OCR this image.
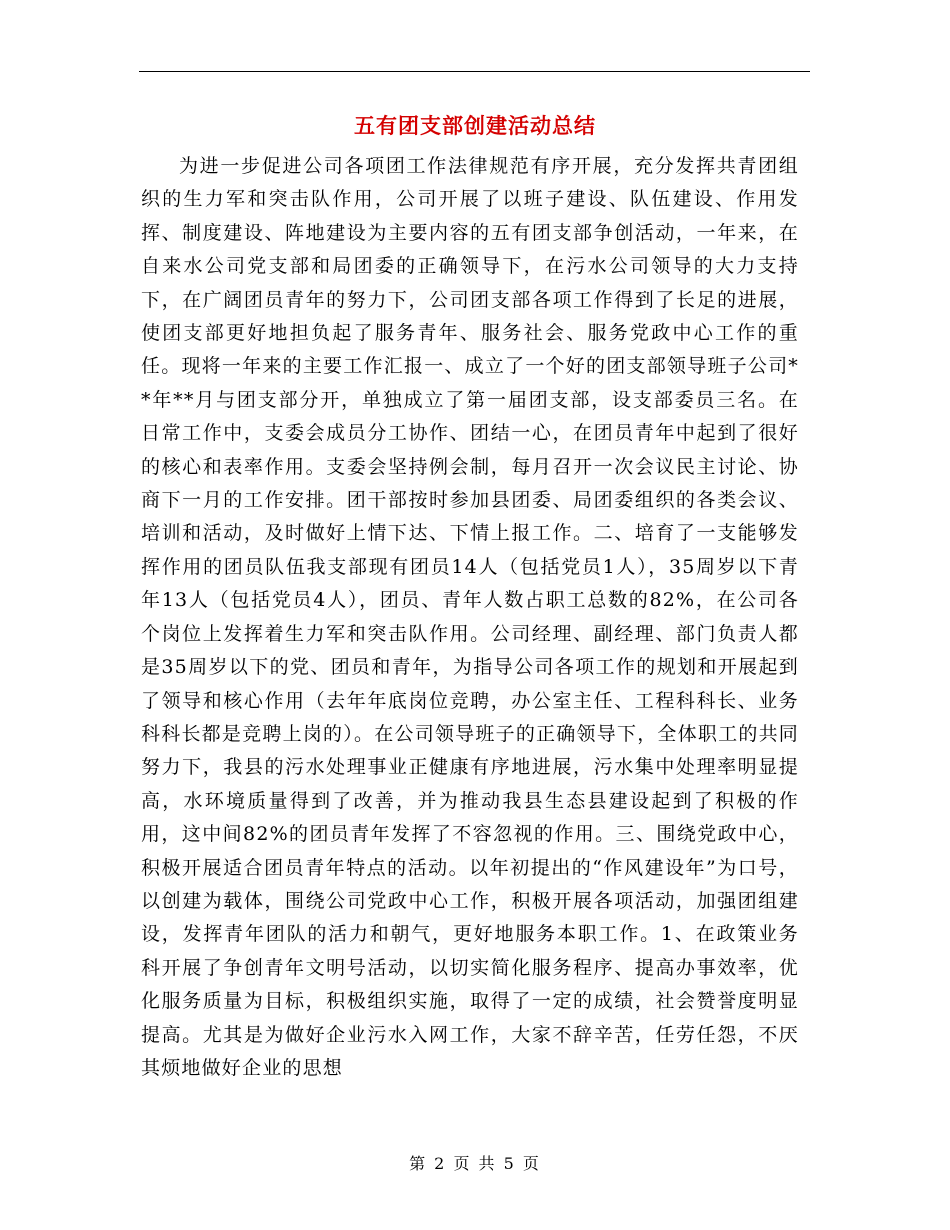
五有团支部创建活动总结

为进一步促进公司各项团工作法律规范有序开展，充分发挥共青团组织的生力军和突击队作用，公司开展了以班子建设、队伍建设、作用发挥、制度建设、阵地建设为主要内容的五有团支部争创活动，一年来，在自来水公司党支部和局团委的正确领导下，在污水公司领导的大力支持下，在广阔团员青年的努力下，公司团支部各项工作得到了长足的进展，使团支部更好地担负起了服务青年、服务社会、服务党政中心工作的重任。现将一年来的主要工作汇报一、成立了一个好的团支部领导班子公司**年**月与团支部分开，单独成立了第一届团支部，设支部委员三名。在日常工作中，支委会成员分工协作、团结一心，在团员青年中起到了很好的核心和表率作用。支委会坚持例会制，每月召开一次会议民主讨论、协商下一月的工作安排。团干部按时参加县团委、局团委组织的各类会议、培训和活动，及时做好上情下达、下情上报工作。二、培育了一支能够发挥作用的团员队伍我支部现有团员14人（包括党员1人），35周岁以下青年13人（包括党员4人），团员、青年人数占职工总数的82%，在公司各个岗位上发挥着生力军和突击队作用。公司经理、副经理、部门负责人都是35周岁以下的党、团员和青年，为指导公司各项工作的规划和开展起到了领导和核心作用（去年年底岗位竞聘，办公室主任、工程科科长、业务科科长都是竞聘上岗的）。在公司领导班子的正确领导下，全体职工的共同努力下，我县的污水处理事业正健康有序地进展，污水集中处理率明显提高，水环境质量得到了改善，并为推动我县生态县建设起到了积极的作用，这中间82%的团员青年发挥了不容忽视的作用。三、围绕党政中心，积极开展适合团员青年特点的活动。以年初提出的“作风建设年”为口号，以创建为载体，围绕公司党政中心工作，积极开展各项活动，加强团组建设，发挥青年团队的活力和朝气，更好地服务本职工作。1、在政策业务科开展了争创青年文明号活动，以切实简化服务程序、提高办事效率，优化服务质量为目标，积极组织实施，取得了一定的成绩，社会赞誉度明显提高。尤其是为做好企业污水入网工作，大家不辞辛苦，任劳任怨，不厌其烦地做好企业的思想

第 2 页 共 5 页
